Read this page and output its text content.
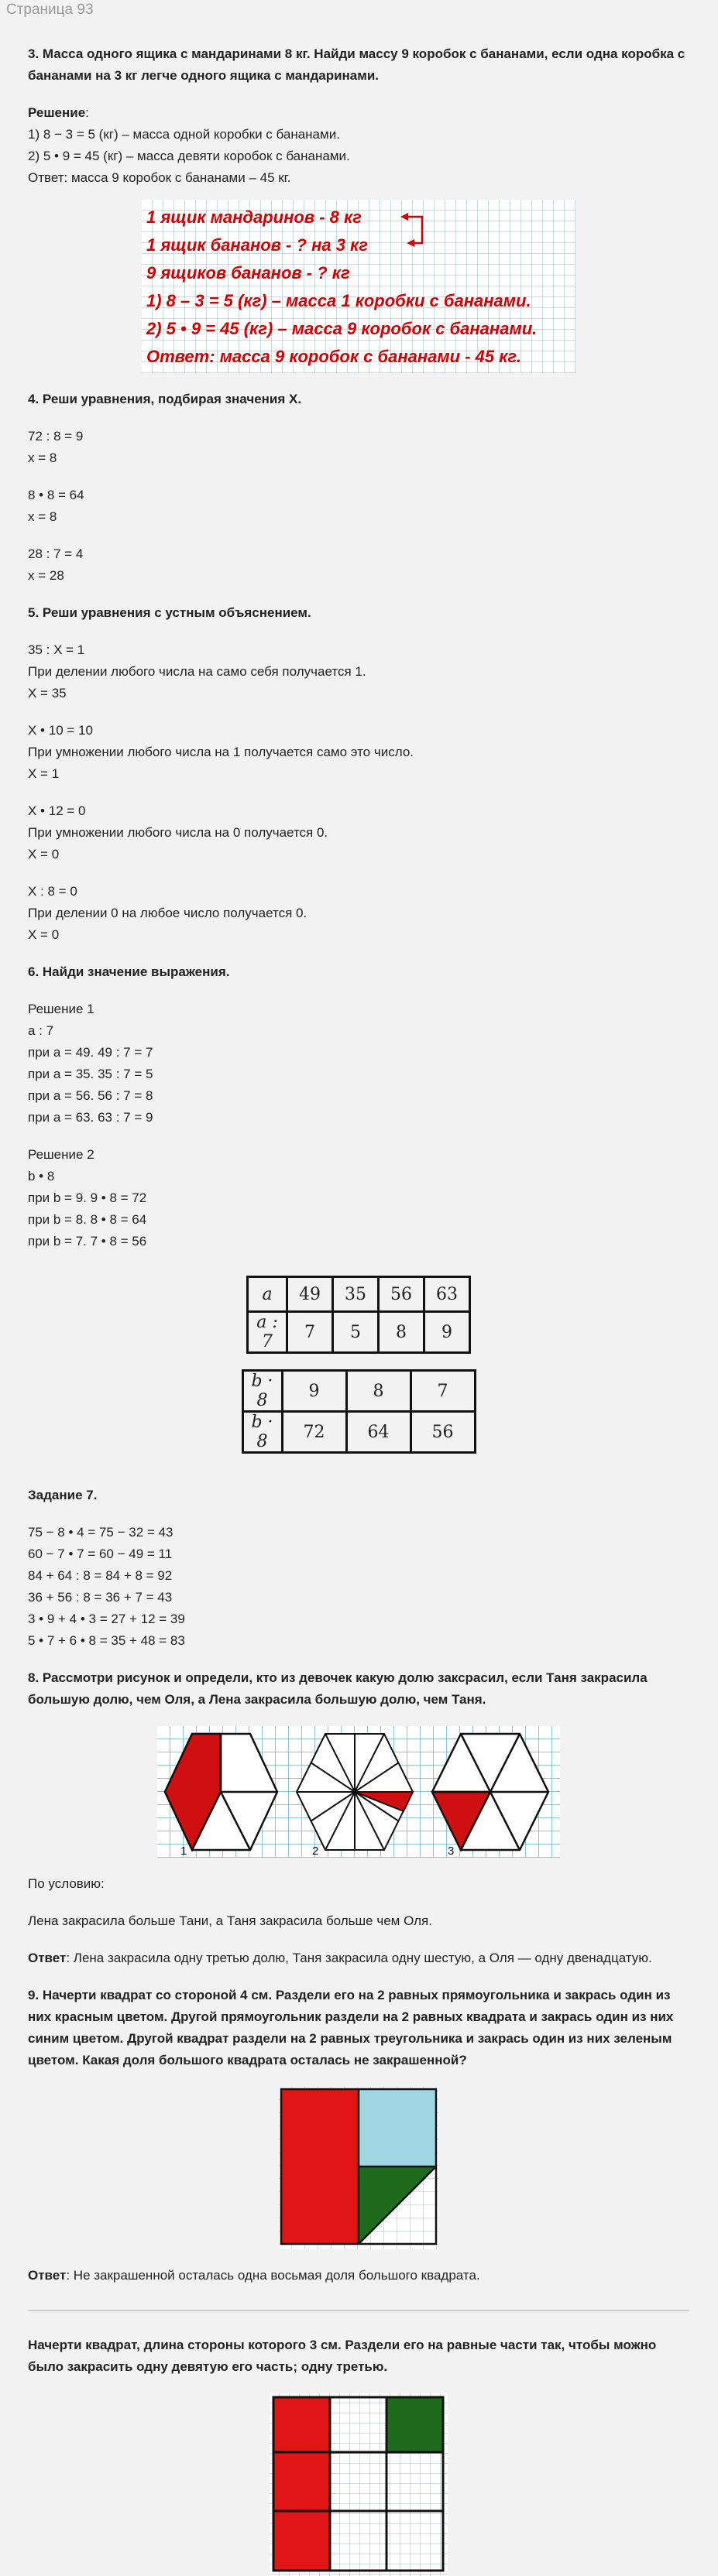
Страница 93

3. Масса одного ящика с мандаринами 8 кг. Найди массу 9 коробок с бананами, если одна коробка с бананами на 3 кг легче одного ящика с мандаринами.

Решение:

1) 8 − 3 = 5 (кг) – масса одной коробки с бананами.

2) 5 • 9 = 45 (кг) – масса девяти коробок с бананами.

Ответ: масса 9 коробок с бананами – 45 кг.

1 ящик мандаринов - 8 кг
1 ящик бананов - ? на 3 кг
9 ящиков бананов - ? кг
1) 8 – 3 = 5 (кг) – масса 1 коробки с бананами.
2) 5 • 9 = 45 (кг) – масса 9 коробок с бананами.
Ответ: масса 9 коробок с бананами - 45 кг.

4. Реши уравнения, подбирая значения X.

72 : 8 = 9

x = 8

8 • 8 = 64

x = 8

28 : 7 = 4

x = 28

5. Реши уравнения с устным объяснением.

35 : X = 1

При делении любого числа на само себя получается 1.

X = 35

X • 10 = 10

При умножении любого числа на 1 получается само это число.

X = 1

X • 12 = 0

При умножении любого числа на 0 получается 0.

X = 0

X : 8 = 0

При делении 0 на любое число получается 0.

X = 0

6. Найди значение выражения.

Решение 1

a : 7

при a = 49. 49 : 7 = 7

при a = 35. 35 : 7 = 5

при a = 56. 56 : 7 = 8

при a = 63. 63 : 7 = 9

Решение 2

b • 8

при b = 9. 9 • 8 = 72

при b = 8. 8 • 8 = 64

при b = 7. 7 • 8 = 56

a	49	35	56	63
a : 7	7	5	8	9
b · 8	9	8	7
b · 8	72	64	56

Задание 7.

75 − 8 • 4 = 75 − 32 = 43

60 − 7 • 7 = 60 − 49 = 11

84 + 64 : 8 = 84 + 8 = 92

36 + 56 : 8 = 36 + 7 = 43

3 • 9 + 4 • 3 = 27 + 12 = 39

5 • 7 + 6 • 8 = 35 + 48 = 83

8. Рассмотри рисунок и определи, кто из девочек какую долю заксрасил, если Таня закрасила большую долю, чем Оля, а Лена закрасила большую долю, чем Таня.

1	2	3

По условию:

Лена закрасила больше Тани, а Таня закрасила больше чем Оля.

Ответ: Лена закрасила одну третью долю, Таня закрасила одну шестую, а Оля — одну двенадцатую.

9. Начерти квадрат со стороной 4 см. Раздели его на 2 равных прямоугольника и закрась один из них красным цветом. Другой прямоугольник раздели на 2 равных квадрата и закрась один из них синим цветом. Другой квадрат раздели на 2 равных треугольника и закрась один из них зеленым цветом. Какая доля большого квадрата осталась не закрашенной?

Ответ: Не закрашенной осталась одна восьмая доля большого квадрата.

Начерти квадрат, длина стороны которого 3 см. Раздели его на равные части так, чтобы можно было закрасить одну девятую его часть; одну третью.
